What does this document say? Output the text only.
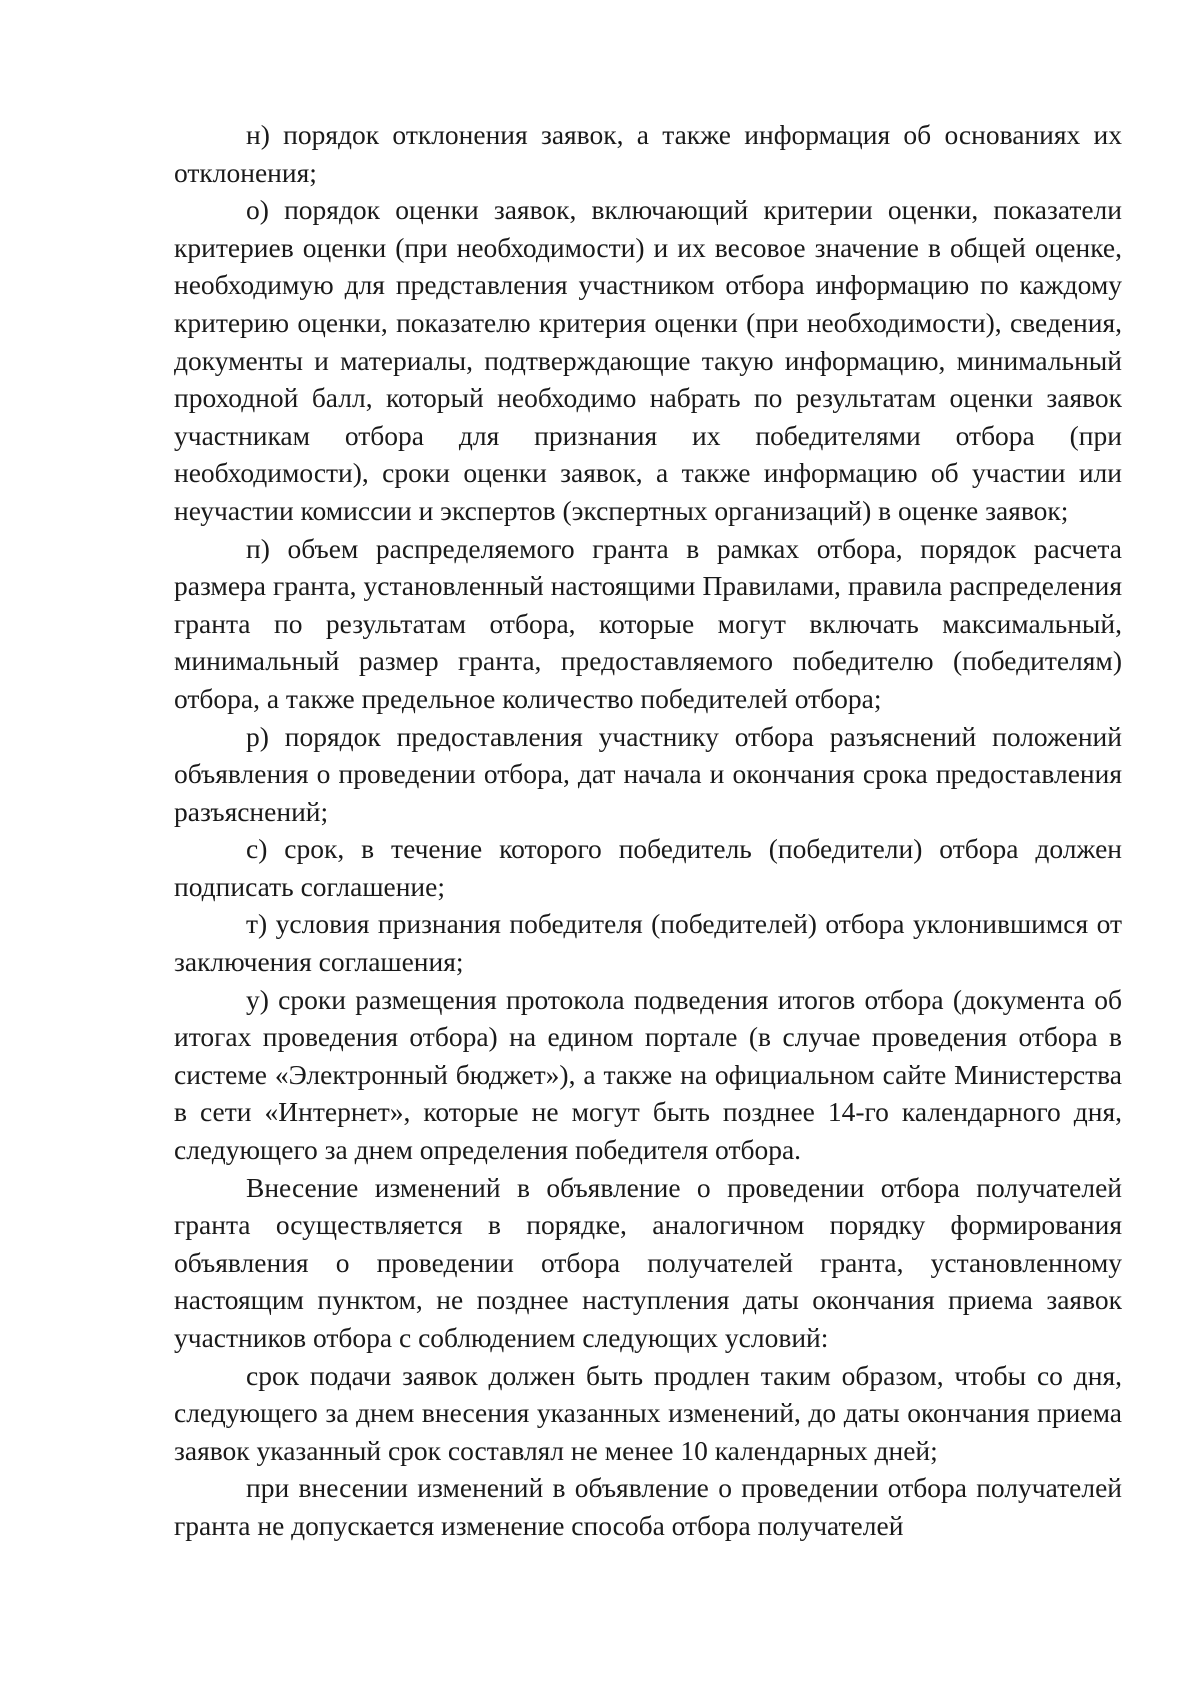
н) порядок отклонения заявок, а также информация об основаниях их отклонения;

о) порядок оценки заявок, включающий критерии оценки, показатели критериев оценки (при необходимости) и их весовое значение в общей оценке, необходимую для представления участником отбора информацию по каждому критерию оценки, показателю критерия оценки (при необходимости), сведения, документы и материалы, подтверждающие такую информацию, минимальный проходной балл, который необходимо набрать по результатам оценки заявок участникам отбора для признания их победителями отбора (при необходимости), сроки оценки заявок, а также информацию об участии или неучастии комиссии и экспертов (экспертных организаций) в оценке заявок;

п) объем распределяемого гранта в рамках отбора, порядок расчета размера гранта, установленный настоящими Правилами, правила распределения гранта по результатам отбора, которые могут включать максимальный, минимальный размер гранта, предоставляемого победителю (победителям) отбора, а также предельное количество победителей отбора;

р) порядок предоставления участнику отбора разъяснений положений объявления о проведении отбора, дат начала и окончания срока предоставления разъяснений;

с) срок, в течение которого победитель (победители) отбора должен подписать соглашение;

т) условия признания победителя (победителей) отбора уклонившимся от заключения соглашения;

у) сроки размещения протокола подведения итогов отбора (документа об итогах проведения отбора) на едином портале (в случае проведения отбора в системе «Электронный бюджет»), а также на официальном сайте Министерства в сети «Интернет», которые не могут быть позднее 14-го календарного дня, следующего за днем определения победителя отбора.

Внесение изменений в объявление о проведении отбора получателей гранта осуществляется в порядке, аналогичном порядку формирования объявления о проведении отбора получателей гранта, установленному настоящим пунктом, не позднее наступления даты окончания приема заявок участников отбора с соблюдением следующих условий:

срок подачи заявок должен быть продлен таким образом, чтобы со дня, следующего за днем внесения указанных изменений, до даты окончания приема заявок указанный срок составлял не менее 10 календарных дней;

при внесении изменений в объявление о проведении отбора получателей гранта не допускается изменение способа отбора получателей
